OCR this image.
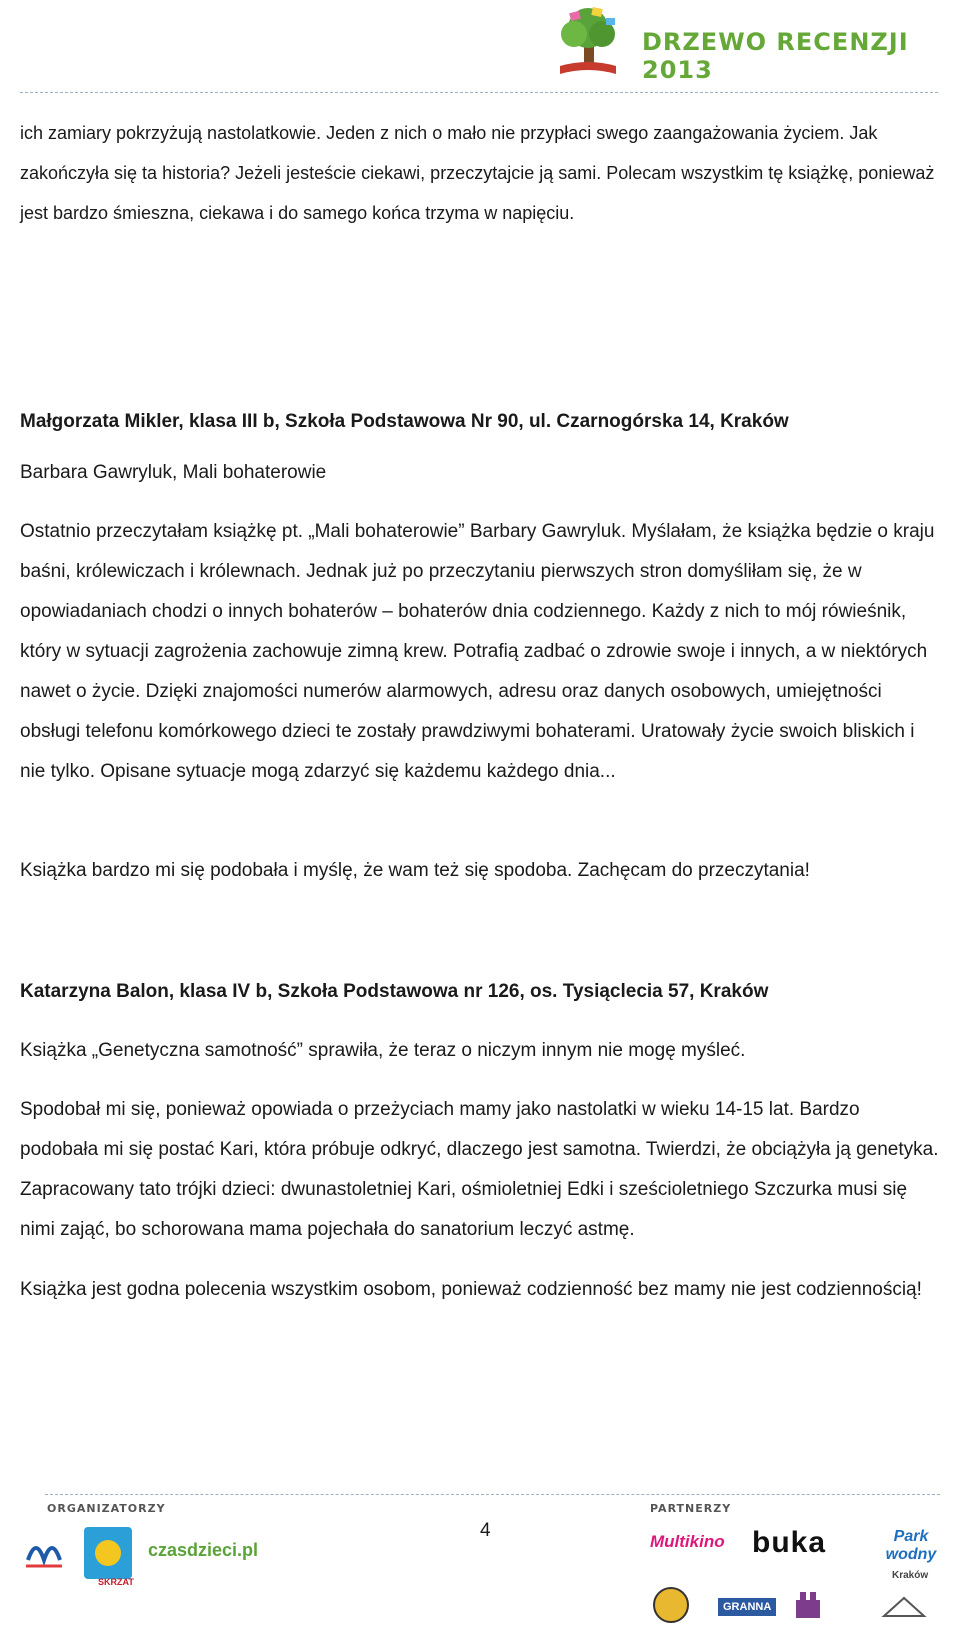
DRZEWO RECENZJI 2013

ich zamiary pokrzyżują nastolatkowie. Jeden z nich o mało nie przypłaci swego zaangażowania życiem. Jak zakończyła się ta historia? Jeżeli jesteście ciekawi, przeczytajcie ją sami. Polecam wszystkim tę książkę, ponieważ jest bardzo śmieszna, ciekawa i do samego końca trzyma w napięciu.

Małgorzata Mikler, klasa III b, Szkoła Podstawowa Nr 90, ul. Czarnogórska 14, Kraków

Barbara Gawryluk, Mali bohaterowie

Ostatnio przeczytałam książkę pt. „Mali bohaterowie” Barbary Gawryluk. Myślałam, że książka będzie o kraju baśni, królewiczach i królewnach. Jednak już po przeczytaniu pierwszych stron domyśliłam się, że w opowiadaniach chodzi o innych bohaterów – bohaterów dnia codziennego. Każdy z nich to mój rówieśnik, który w sytuacji zagrożenia zachowuje zimną krew. Potrafią zadbać o zdrowie swoje i innych, a w niektórych nawet o życie. Dzięki znajomości numerów alarmowych, adresu oraz danych osobowych, umiejętności obsługi telefonu komórkowego dzieci te zostały prawdziwymi bohaterami. Uratowały życie swoich bliskich i nie tylko. Opisane sytuacje mogą zdarzyć się każdemu każdego dnia...

Książka bardzo mi się podobała i myślę, że wam też się spodoba. Zachęcam do przeczytania!

Katarzyna Balon, klasa IV b, Szkoła Podstawowa nr 126, os. Tysiąclecia 57, Kraków

Książka „Genetyczna samotność” sprawiła, że teraz o niczym innym nie mogę myśleć.

Spodobał mi się, ponieważ opowiada o przeżyciach mamy jako nastolatki w wieku 14-15 lat. Bardzo podobała mi się postać Kari, która próbuje odkryć, dlaczego jest samotna. Twierdzi, że obciążyła ją genetyka. Zapracowany tato trójki dzieci: dwunastoletniej Kari, ośmioletniej Edki i sześcioletniego Szczurka musi się nimi zająć, bo schorowana mama pojechała do sanatorium leczyć astmę.

Książka jest godna polecenia wszystkim osobom, ponieważ codzienność bez mamy nie jest codziennością!

ORGANIZATORZY	PARTNERZY
4
SKRZAT
czasdzieci.pl	Multikino buka	Park wodny
Kraków
GRANNA
